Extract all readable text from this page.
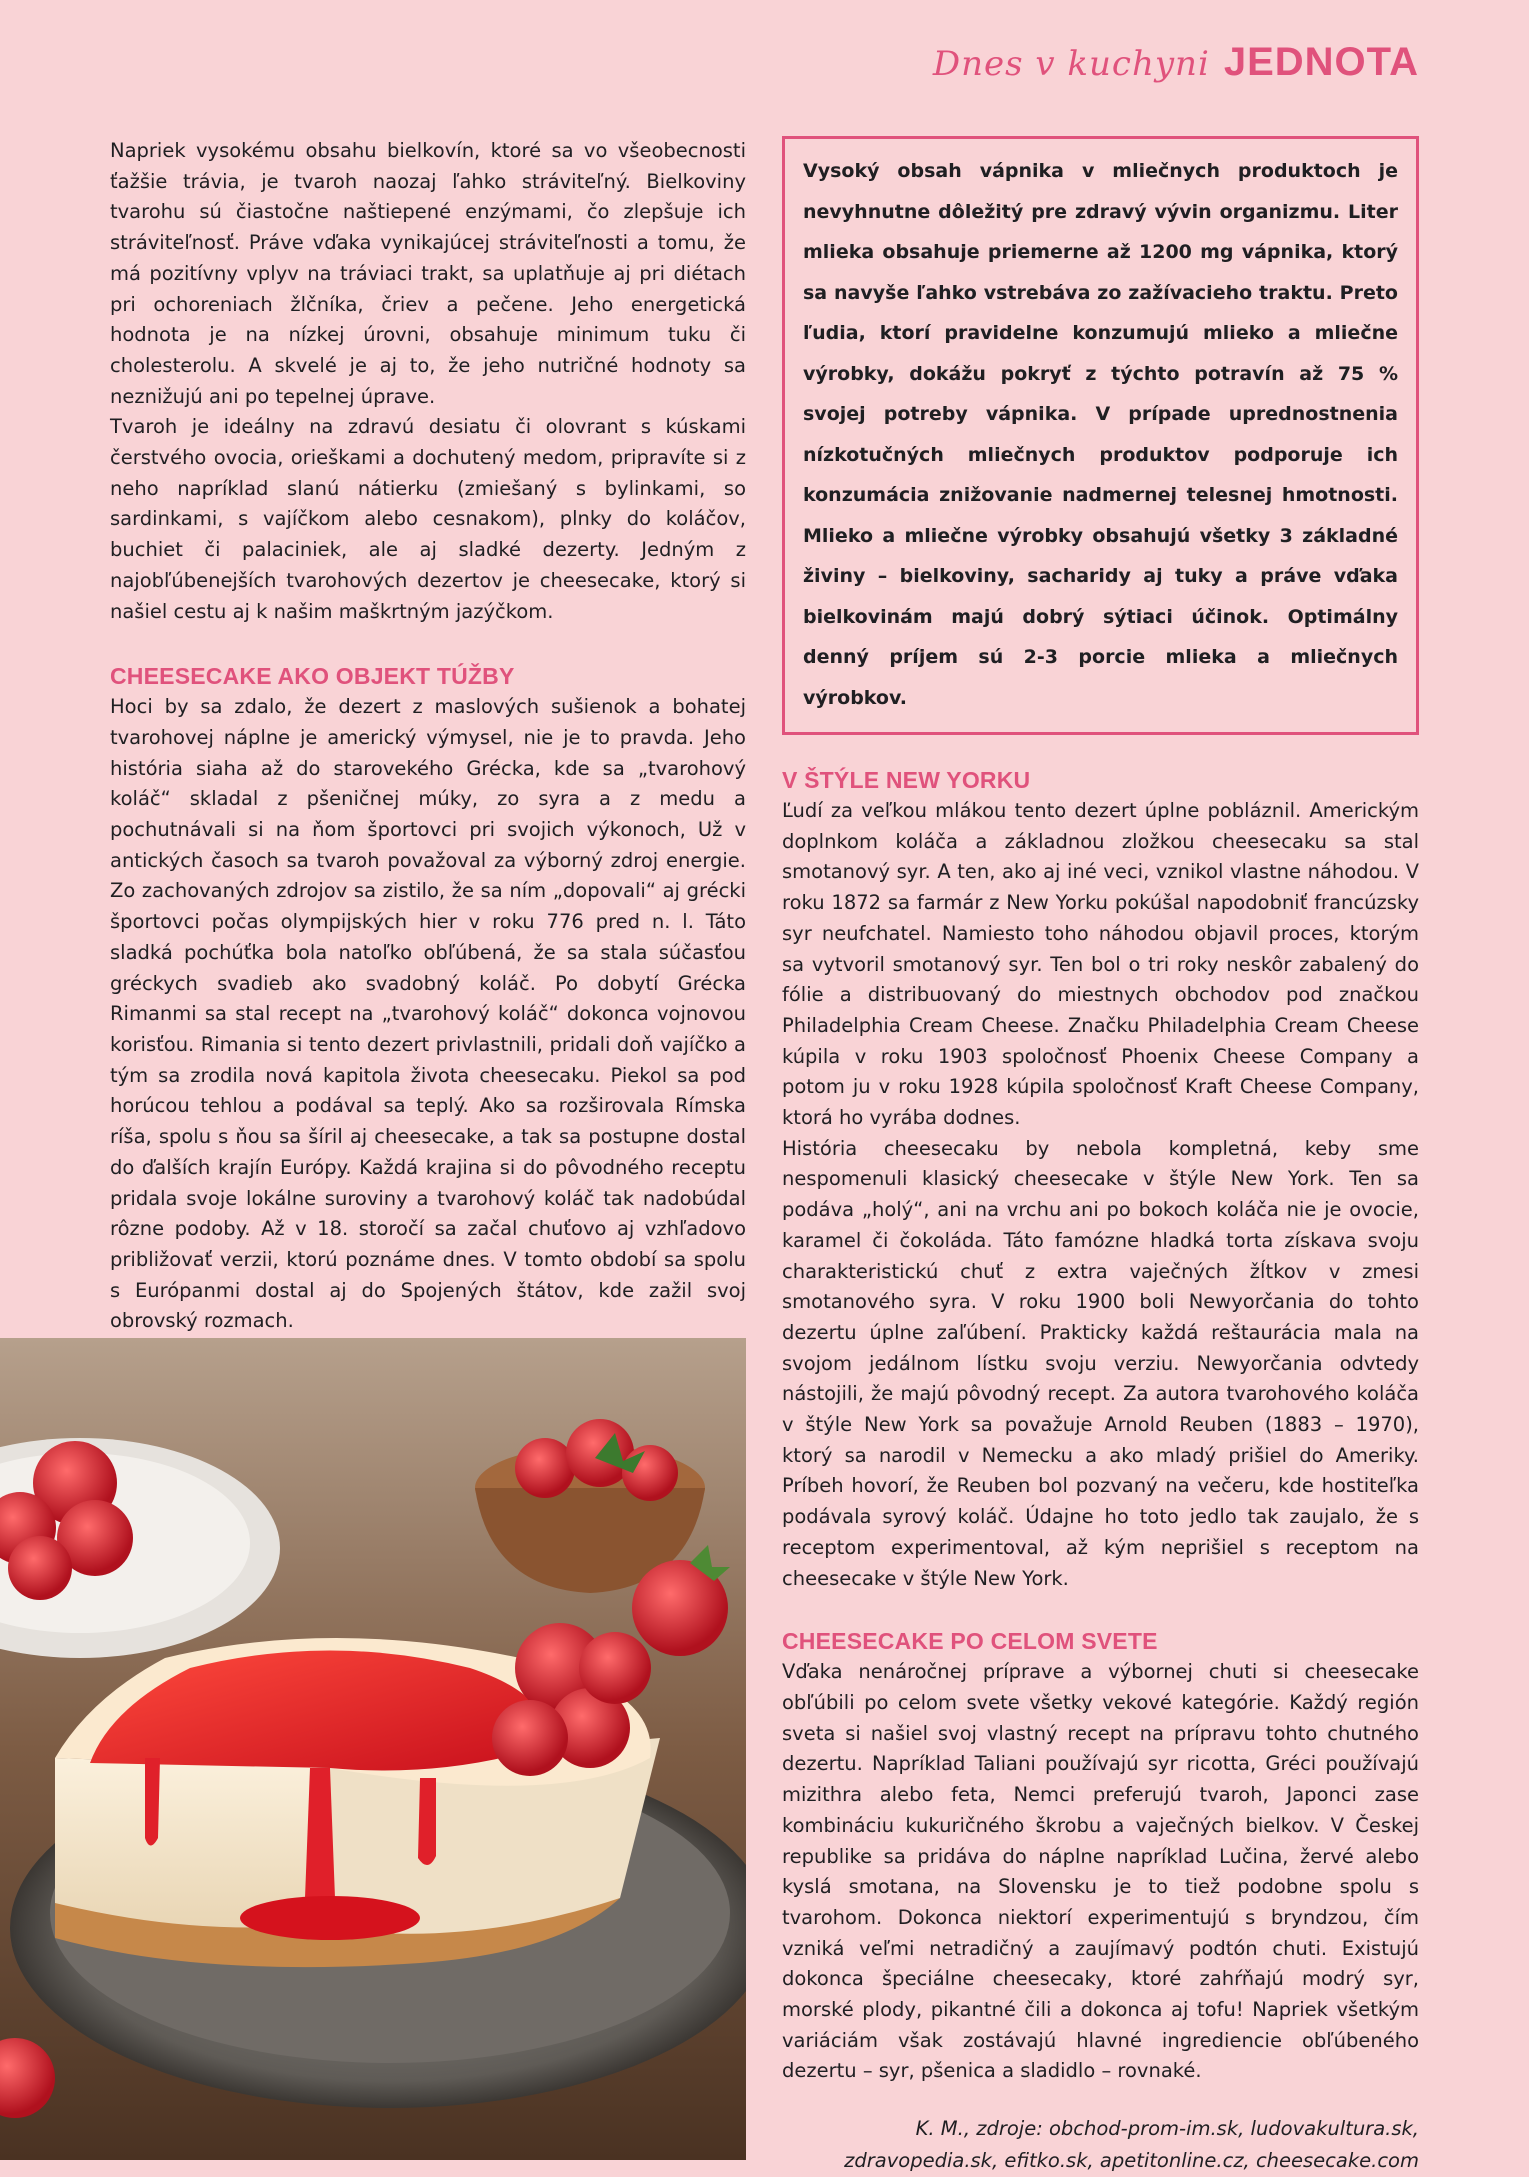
Dnes v kuchyni JEDNOTA

Napriek vysokému obsahu bielkovín, ktoré sa vo všeobecnosti ťažšie trávia, je tvaroh naozaj ľahko stráviteľný. Bielkoviny tvarohu sú čiastočne naštiepené enzýmami, čo zlepšuje ich stráviteľnosť. Práve vďaka vynikajúcej stráviteľnosti a tomu, že má pozitívny vplyv na tráviaci trakt, sa uplatňuje aj pri diétach pri ochoreniach žlčníka, čriev a pečene. Jeho energetická hodnota je na nízkej úrovni, obsahuje minimum tuku či cholesterolu. A skvelé je aj to, že jeho nutričné hodnoty sa neznižujú ani po tepelnej úprave.

Tvaroh je ideálny na zdravú desiatu či olovrant s kúskami čerstvého ovocia, orieškami a dochutený medom, pripravíte si z neho napríklad slanú nátierku (zmiešaný s bylinkami, so sardinkami, s vajíčkom alebo cesnakom), plnky do koláčov, buchiet či palaciniek, ale aj sladké dezerty. Jedným z najobľúbenejších tvarohových dezertov je cheesecake, ktorý si našiel cestu aj k našim maškrtným jazýčkom.

CHEESECAKE AKO OBJEKT TÚŽBY

Hoci by sa zdalo, že dezert z maslových sušienok a bohatej tvarohovej náplne je americký výmysel, nie je to pravda. Jeho história siaha až do starovekého Grécka, kde sa „tvarohový koláč“ skladal z pšeničnej múky, zo syra a z medu a pochutnávali si na ňom športovci pri svojich výkonoch, Už v antických časoch sa tvaroh považoval za výborný zdroj energie. Zo zachovaných zdrojov sa zistilo, že sa ním „dopovali“ aj grécki športovci počas olympijských hier v roku 776 pred n. l. Táto sladká pochúťka bola natoľko obľúbená, že sa stala súčasťou gréckych svadieb ako svadobný koláč. Po dobytí Grécka Rimanmi sa stal recept na „tvarohový koláč“ dokonca vojnovou korisťou. Rimania si tento dezert privlastnili, pridali doň vajíčko a tým sa zrodila nová kapitola života cheesecaku. Piekol sa pod horúcou tehlou a podával sa teplý. Ako sa rozširovala Rímska ríša, spolu s ňou sa šíril aj cheesecake, a tak sa postupne dostal do ďalších krajín Európy. Každá krajina si do pôvodného receptu pridala svoje lokálne suroviny a tvarohový koláč tak nadobúdal rôzne podoby. Až v 18. storočí sa začal chuťovo aj vzhľadovo približovať verzii, ktorú poznáme dnes. V tomto období sa spolu s Európanmi dostal aj do Spojených štátov, kde zažil svoj obrovský rozmach.

Vysoký obsah vápnika v mliečnych produktoch je nevyhnutne dôležitý pre zdravý vývin organizmu. Liter mlieka obsahuje priemerne až 1200 mg vápnika, ktorý sa navyše ľahko vstrebáva zo zažívacieho traktu. Preto ľudia, ktorí pravidelne konzumujú mlieko a mliečne výrobky, dokážu pokryť z týchto potravín až 75 % svojej potreby vápnika. V prípade uprednostnenia nízkotučných mliečnych produktov podporuje ich konzumácia znižovanie nadmernej telesnej hmotnosti. Mlieko a mliečne výrobky obsahujú všetky 3 základné živiny – bielkoviny, sacharidy aj tuky a práve vďaka bielkovinám majú dobrý sýtiaci účinok. Optimálny denný príjem sú 2-3 porcie mlieka a mliečnych výrobkov.

V ŠTÝLE NEW YORKU

Ľudí za veľkou mlákou tento dezert úplne pobláznil. Americkým doplnkom koláča a základnou zložkou cheesecaku sa stal smotanový syr. A ten, ako aj iné veci, vznikol vlastne náhodou. V roku 1872 sa farmár z New Yorku pokúšal napodobniť francúzsky syr neufchatel. Namiesto toho náhodou objavil proces, ktorým sa vytvoril smotanový syr. Ten bol o tri roky neskôr zabalený do fólie a distribuovaný do miestnych obchodov pod značkou Philadelphia Cream Cheese. Značku Philadelphia Cream Cheese kúpila v roku 1903 spoločnosť Phoenix Cheese Company a potom ju v roku 1928 kúpila spoločnosť Kraft Cheese Company, ktorá ho vyrába dodnes.

História cheesecaku by nebola kompletná, keby sme nespomenuli klasický cheesecake v štýle New York. Ten sa podáva „holý“, ani na vrchu ani po bokoch koláča nie je ovocie, karamel či čokoláda. Táto famózne hladká torta získava svoju charakteristickú chuť z extra vaječných žĺtkov v zmesi smotanového syra. V roku 1900 boli Newyorčania do tohto dezertu úplne zaľúbení. Prakticky každá reštaurácia mala na svojom jedálnom lístku svoju verziu. Newyorčania odvtedy nástojili, že majú pôvodný recept. Za autora tvarohového koláča v štýle New York sa považuje Arnold Reuben (1883 – 1970), ktorý sa narodil v Nemecku a ako mladý prišiel do Ameriky. Príbeh hovorí, že Reuben bol pozvaný na večeru, kde hostiteľka podávala syrový koláč. Údajne ho toto jedlo tak zaujalo, že s receptom experimentoval, až kým neprišiel s receptom na cheesecake v štýle New York.

CHEESECAKE PO CELOM SVETE

Vďaka nenáročnej príprave a výbornej chuti si cheesecake obľúbili po celom svete všetky vekové kategórie. Každý región sveta si našiel svoj vlastný recept na prípravu tohto chutného dezertu. Napríklad Taliani používajú syr ricotta, Gréci používajú mizithra alebo feta, Nemci preferujú tvaroh, Japonci zase kombináciu kukuričného škrobu a vaječných bielkov. V Českej republike sa pridáva do náplne napríklad Lučina, žervé alebo kyslá smotana, na Slovensku je to tiež podobne spolu s tvarohom. Dokonca niektorí experimentujú s bryndzou, čím vzniká veľmi netradičný a zaujímavý podtón chuti. Existujú dokonca špeciálne cheesecaky, ktoré zahŕňajú modrý syr, morské plody, pikantné čili a dokonca aj tofu! Napriek všetkým variáciám však zostávajú hlavné ingrediencie obľúbeného dezertu – syr, pšenica a sladidlo – rovnaké.

K. M., zdroje: obchod-prom-im.sk, ludovakultura.sk,
zdravopedia.sk, efitko.sk, apetitonline.cz, cheesecake.com
